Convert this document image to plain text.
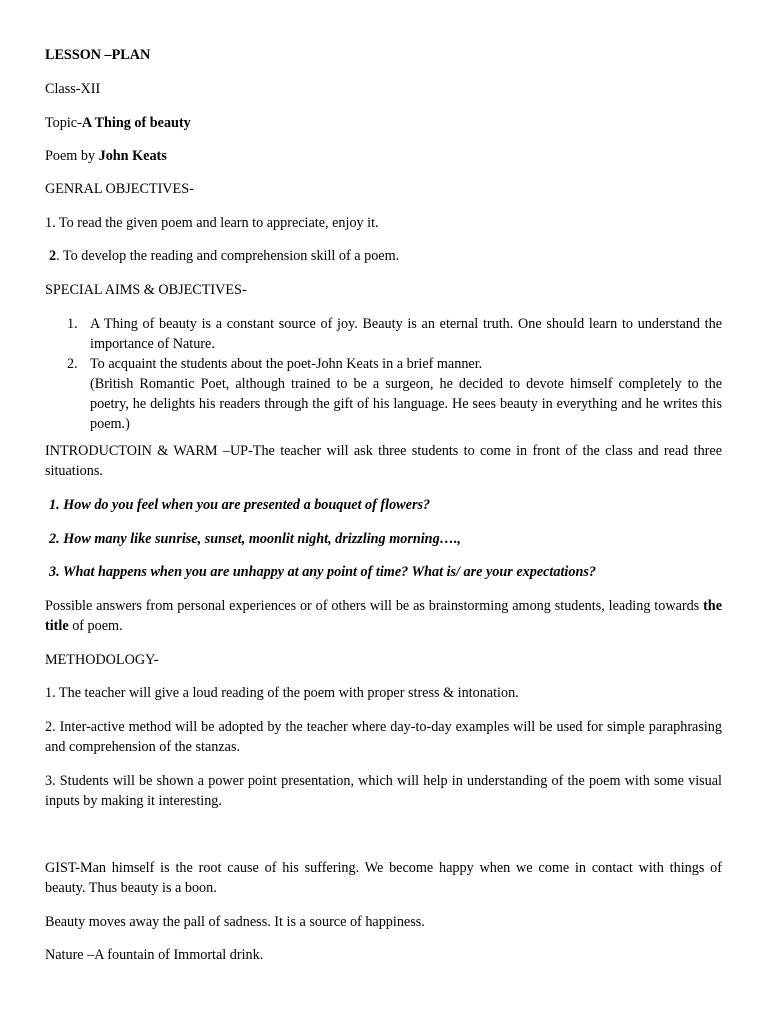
LESSON –PLAN

Class-XII

Topic-A Thing of beauty

Poem by John Keats

GENRAL OBJECTIVES-

1. To read the given poem and learn to appreciate, enjoy it.

2. To develop the reading and comprehension skill of a poem.

SPECIAL AIMS & OBJECTIVES-

1. A Thing of beauty is a constant source of joy. Beauty is an eternal truth. One should learn to understand the importance of Nature.
2. To acquaint the students about the poet-John Keats in a brief manner.
(British Romantic Poet, although trained to be a surgeon, he decided to devote himself completely to the poetry, he delights his readers through the gift of his language. He sees beauty in everything and he writes this poem.)

INTRODUCTOIN & WARM –UP-The teacher will ask three students to come in front of the class and read three situations.

1. How do you feel when you are presented a bouquet of flowers?

2. How many like sunrise, sunset, moonlit night, drizzling morning….,

3. What happens when you are unhappy at any point of time? What is/ are your expectations?

Possible answers from personal experiences or of others will be as brainstorming among students, leading towards the title of poem.

METHODOLOGY-

1. The teacher will give a loud reading of the poem with proper stress & intonation.

2. Inter-active method will be adopted by the teacher where day-to-day examples will be used for simple paraphrasing and comprehension of the stanzas.

3. Students will be shown a power point presentation, which will help in understanding of the poem with some visual inputs by making it interesting.

GIST-Man himself is the root cause of his suffering. We become happy when we come in contact with things of beauty. Thus beauty is a boon.

Beauty moves away the pall of sadness. It is a source of happiness.

Nature –A fountain of Immortal drink.
